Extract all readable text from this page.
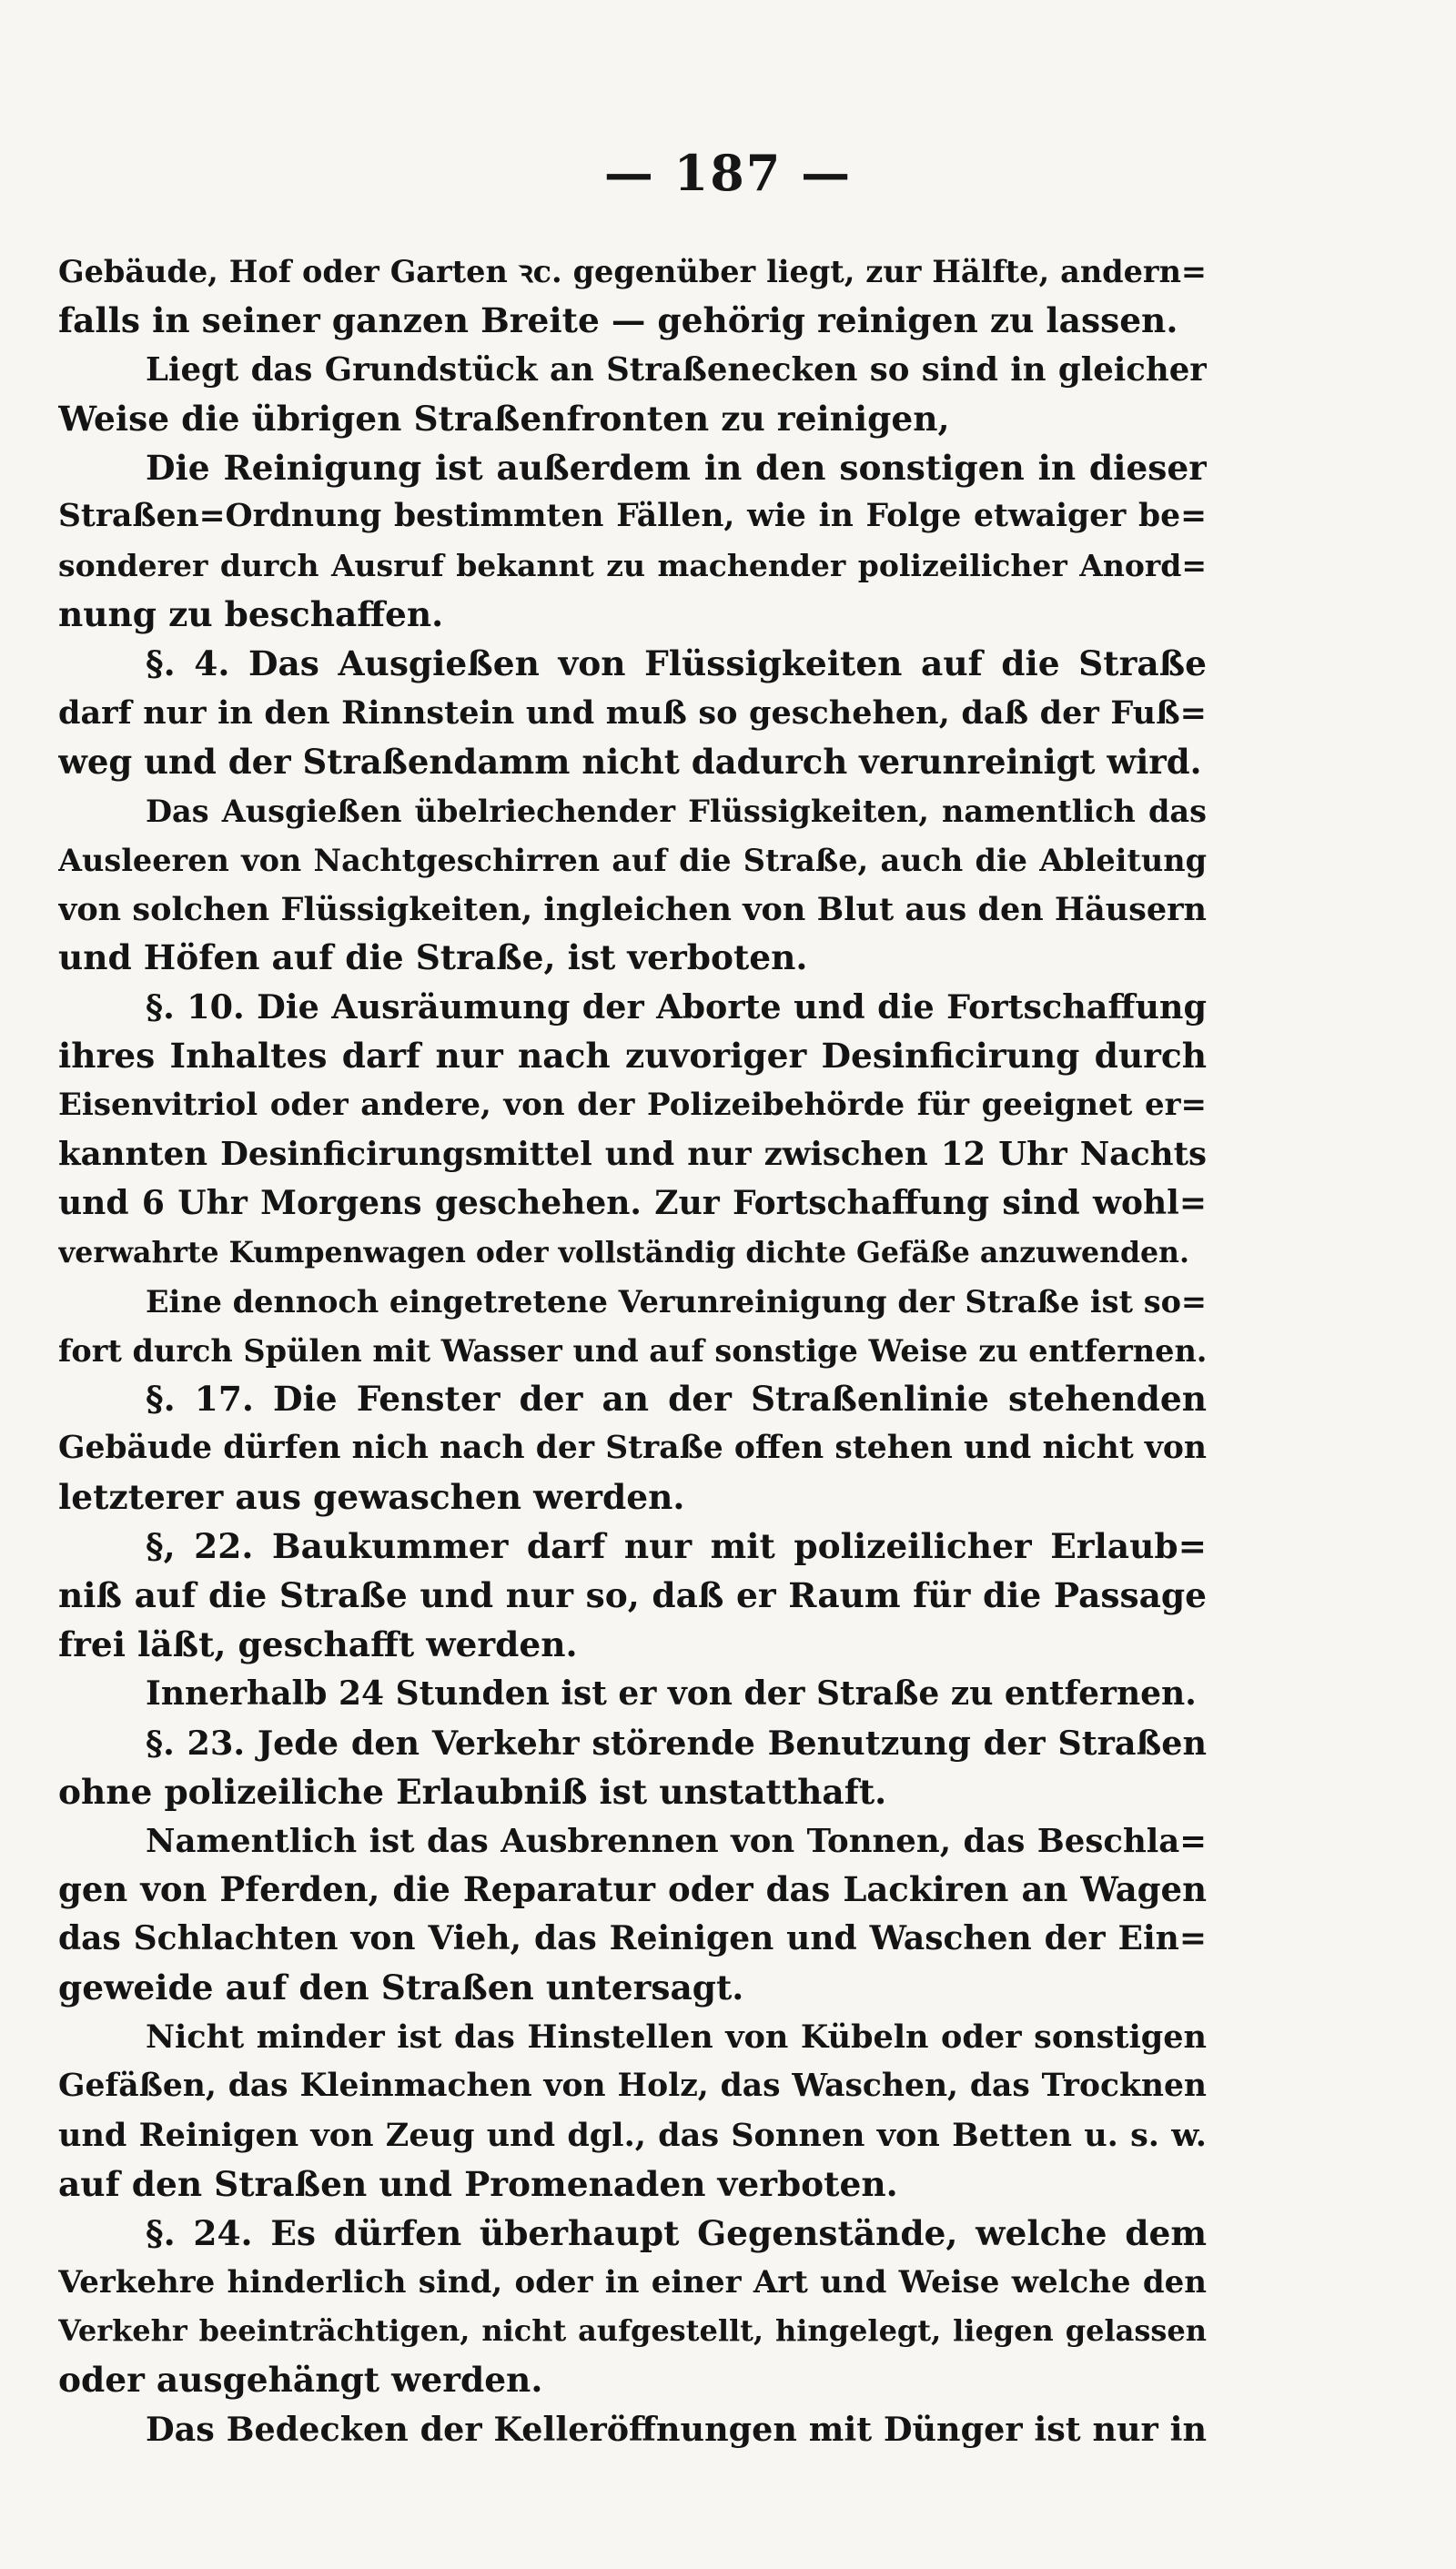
— 187 —
Gebäude, Hof oder Garten ꝛc. gegenüber liegt, zur Hälfte, andern=
falls in seiner ganzen Breite — gehörig reinigen zu lassen.
Liegt das Grundstück an Straßenecken so sind in gleicher
Weise die übrigen Straßenfronten zu reinigen,
Die Reinigung ist außerdem in den sonstigen in dieser
Straßen=Ordnung bestimmten Fällen, wie in Folge etwaiger be=
sonderer durch Ausruf bekannt zu machender polizeilicher Anord=
nung zu beschaffen.
§. 4. Das Ausgießen von Flüssigkeiten auf die Straße
darf nur in den Rinnstein und muß so geschehen, daß der Fuß=
weg und der Straßendamm nicht dadurch verunreinigt wird.
Das Ausgießen übelriechender Flüssigkeiten, namentlich das
Ausleeren von Nachtgeschirren auf die Straße, auch die Ableitung
von solchen Flüssigkeiten, ingleichen von Blut aus den Häusern
und Höfen auf die Straße, ist verboten.
§. 10. Die Ausräumung der Aborte und die Fortschaffung
ihres Inhaltes darf nur nach zuvoriger Desinficirung durch
Eisenvitriol oder andere, von der Polizeibehörde für geeignet er=
kannten Desinficirungsmittel und nur zwischen 12 Uhr Nachts
und 6 Uhr Morgens geschehen. Zur Fortschaffung sind wohl=
verwahrte Kumpenwagen oder vollständig dichte Gefäße anzuwenden.
Eine dennoch eingetretene Verunreinigung der Straße ist so=
fort durch Spülen mit Wasser und auf sonstige Weise zu entfernen.
§. 17. Die Fenster der an der Straßenlinie stehenden
Gebäude dürfen nich nach der Straße offen stehen und nicht von
letzterer aus gewaschen werden.
§, 22. Baukummer darf nur mit polizeilicher Erlaub=
niß auf die Straße und nur so, daß er Raum für die Passage
frei läßt, geschafft werden.
Innerhalb 24 Stunden ist er von der Straße zu entfernen.
§. 23. Jede den Verkehr störende Benutzung der Straßen
ohne polizeiliche Erlaubniß ist unstatthaft.
Namentlich ist das Ausbrennen von Tonnen, das Beschla=
gen von Pferden, die Reparatur oder das Lackiren an Wagen
das Schlachten von Vieh, das Reinigen und Waschen der Ein=
geweide auf den Straßen untersagt.
Nicht minder ist das Hinstellen von Kübeln oder sonstigen
Gefäßen, das Kleinmachen von Holz, das Waschen, das Trocknen
und Reinigen von Zeug und dgl., das Sonnen von Betten u. s. w.
auf den Straßen und Promenaden verboten.
§. 24. Es dürfen überhaupt Gegenstände, welche dem
Verkehre hinderlich sind, oder in einer Art und Weise welche den
Verkehr beeinträchtigen, nicht aufgestellt, hingelegt, liegen gelassen
oder ausgehängt werden.
Das Bedecken der Kelleröffnungen mit Dünger ist nur in
